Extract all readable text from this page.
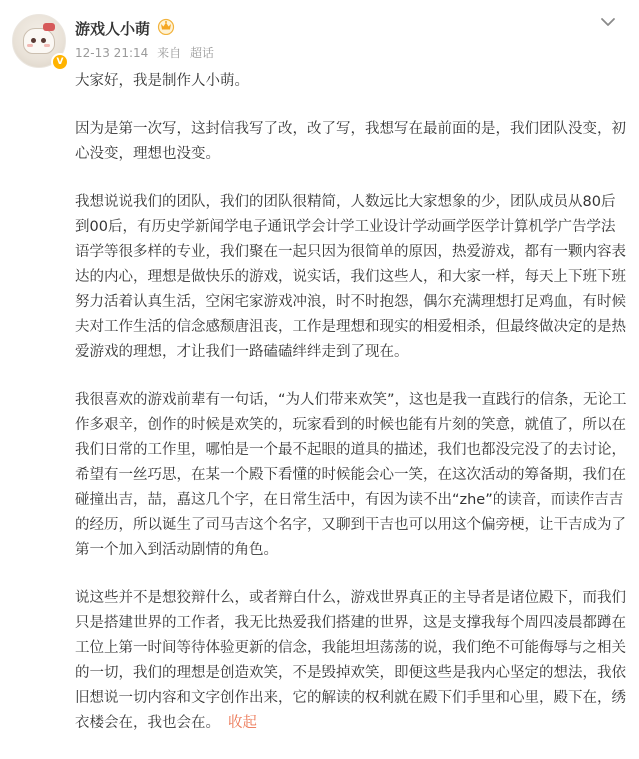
V
游戏人小萌
12-13 21:14 来自 超话

大家好，我是制作人小萌。

因为是第一次写，这封信我写了改，改了写，我想写在最前面的是，我们团队没变，初心没变，理想也没变。

我想说说我们的团队，我们的团队很精简，人数远比大家想象的少，团队成员从80后到00后，有历史学新闻学电子通讯学会计学工业设计学动画学医学计算机学广告学法语学等很多样的专业，我们聚在一起只因为很简单的原因，热爱游戏，都有一颗内容表达的内心，理想是做快乐的游戏，说实话，我们这些人，和大家一样，每天上下班下班努力活着认真生活，空闲宅家游戏冲浪，时不时抱怨，偶尔充满理想打足鸡血，有时候夫对工作生活的信念感颓唐沮丧，工作是理想和现实的相爱相杀，但最终做决定的是热爱游戏的理想，才让我们一路磕磕绊绊走到了现在。

我很喜欢的游戏前辈有一句话，“为人们带来欢笑”，这也是我一直践行的信条，无论工作多艰辛，创作的时候是欢笑的，玩家看到的时候也能有片刻的笑意，就值了，所以在我们日常的工作里，哪怕是一个最不起眼的道具的描述，我们也都没完没了的去讨论，希望有一丝巧思，在某一个殿下看懂的时候能会心一笑，在这次活动的筹备期，我们在碰撞出吉，喆，嚞这几个字，在日常生活中，有因为读不出“zhe”的读音，而读作吉吉的经历，所以诞生了司马吉这个名字，又聊到干吉也可以用这个偏旁梗，让干吉成为了第一个加入到活动剧情的角色。

说这些并不是想狡辩什么，或者辩白什么，游戏世界真正的主导者是诸位殿下，而我们只是搭建世界的工作者，我无比热爱我们搭建的世界，这是支撑我每个周四凌晨都蹲在工位上第一时间等待体验更新的信念，我能坦坦荡荡的说，我们绝不可能侮辱与之相关的一切，我们的理想是创造欢笑，不是毁掉欢笑，即便这些是我内心坚定的想法，我依旧想说一切内容和文字创作出来，它的解读的权利就在殿下们手里和心里，殿下在，绣衣楼会在，我也会在。 收起
